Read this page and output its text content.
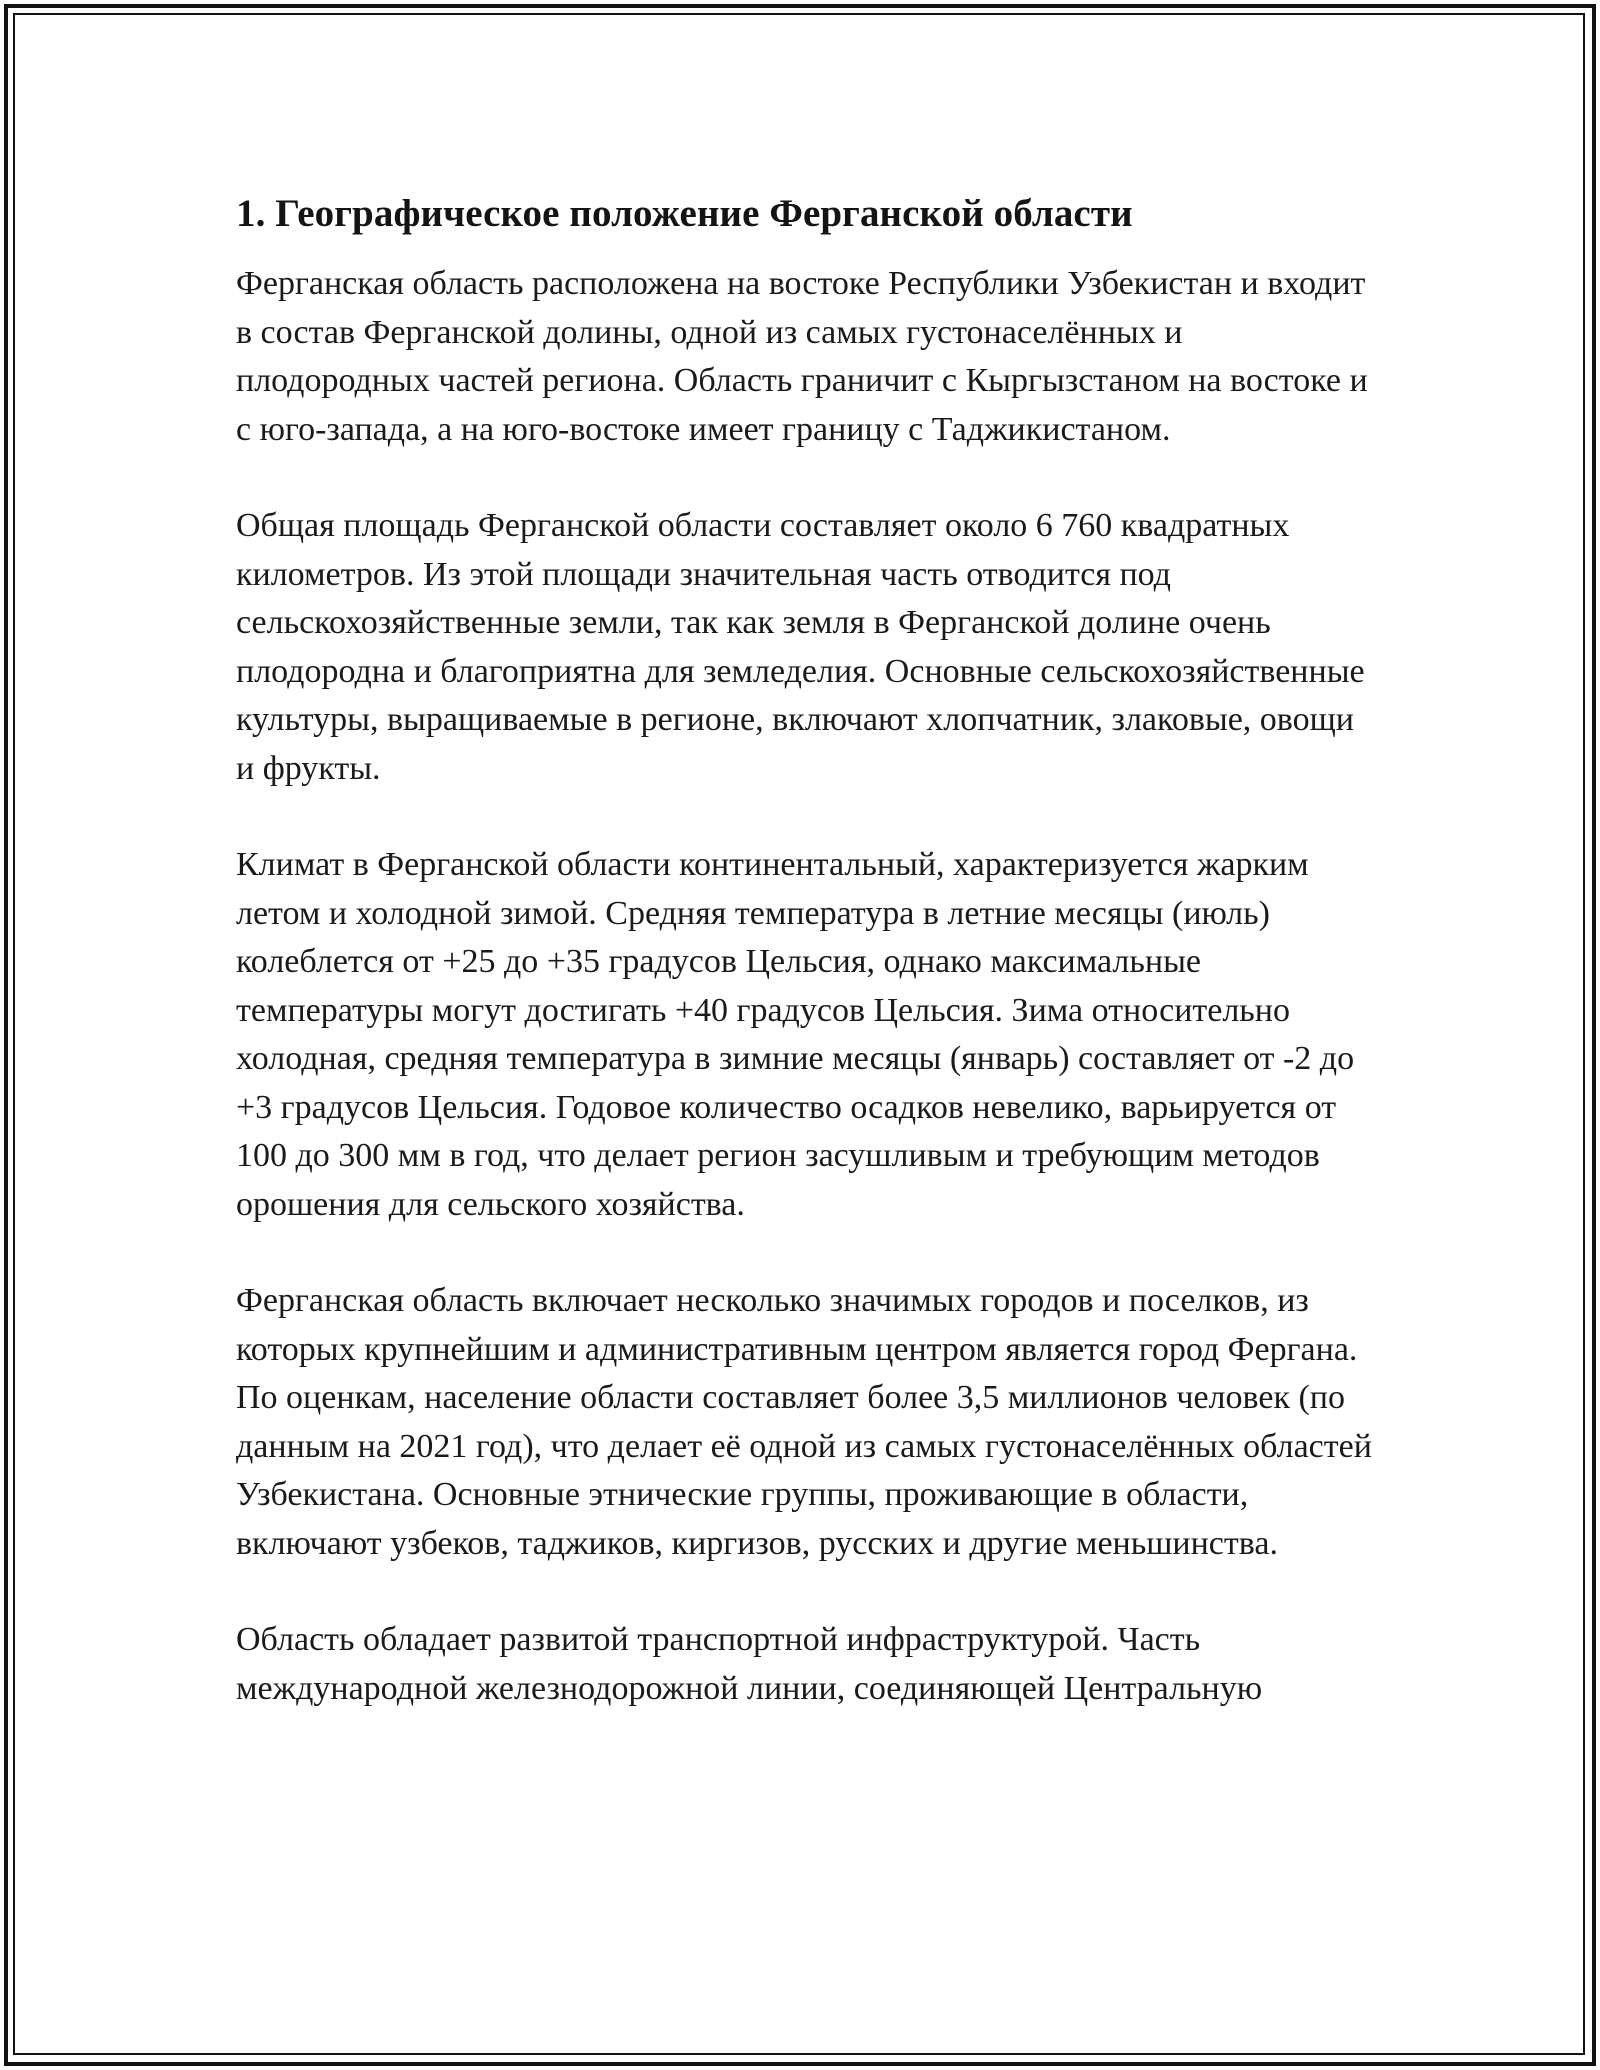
1. Географическое положение Ферганской области

Ферганская область расположена на востоке Республики Узбекистан и входит в состав Ферганской долины, одной из самых густонаселённых и плодородных частей региона. Область граничит с Кыргызстаном на востоке и с юго-запада, а на юго-востоке имеет границу с Таджикистаном.

Общая площадь Ферганской области составляет около 6 760 квадратных километров. Из этой площади значительная часть отводится под сельскохозяйственные земли, так как земля в Ферганской долине очень плодородна и благоприятна для земледелия. Основные сельскохозяйственные культуры, выращиваемые в регионе, включают хлопчатник, злаковые, овощи и фрукты.

Климат в Ферганской области континентальный, характеризуется жарким летом и холодной зимой. Средняя температура в летние месяцы (июль) колеблется от +25 до +35 градусов Цельсия, однако максимальные температуры могут достигать +40 градусов Цельсия. Зима относительно холодная, средняя температура в зимние месяцы (январь) составляет от -2 до +3 градусов Цельсия. Годовое количество осадков невелико, варьируется от 100 до 300 мм в год, что делает регион засушливым и требующим методов орошения для сельского хозяйства.

Ферганская область включает несколько значимых городов и поселков, из которых крупнейшим и административным центром является город Фергана. По оценкам, население области составляет более 3,5 миллионов человек (по данным на 2021 год), что делает её одной из самых густонаселённых областей Узбекистана. Основные этнические группы, проживающие в области, включают узбеков, таджиков, киргизов, русских и другие меньшинства.

Область обладает развитой транспортной инфраструктурой. Часть международной железнодорожной линии, соединяющей Центральную
